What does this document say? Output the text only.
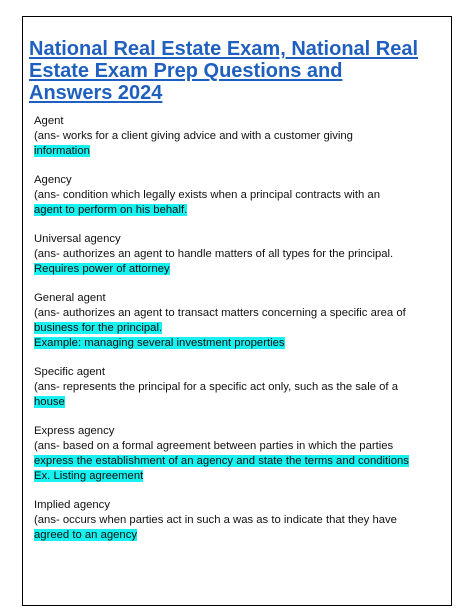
National Real Estate Exam, National Real
Estate Exam Prep Questions and
Answers 2024
Agent
(ans- works for a client giving advice and with a customer giving
information
Agency
(ans- condition which legally exists when a principal contracts with an
agent to perform on his behalf.
Universal agency
(ans- authorizes an agent to handle matters of all types for the principal.
Requires power of attorney
General agent
(ans- authorizes an agent to transact matters concerning a specific area of
business for the principal.
Example: managing several investment properties
Specific agent
(ans- represents the principal for a specific act only, such as the sale of a
house
Express agency
(ans- based on a formal agreement between parties in which the parties
express the establishment of an agency and state the terms and conditions
Ex. Listing agreement
Implied agency
(ans- occurs when parties act in such a was as to indicate that they have
agreed to an agency
